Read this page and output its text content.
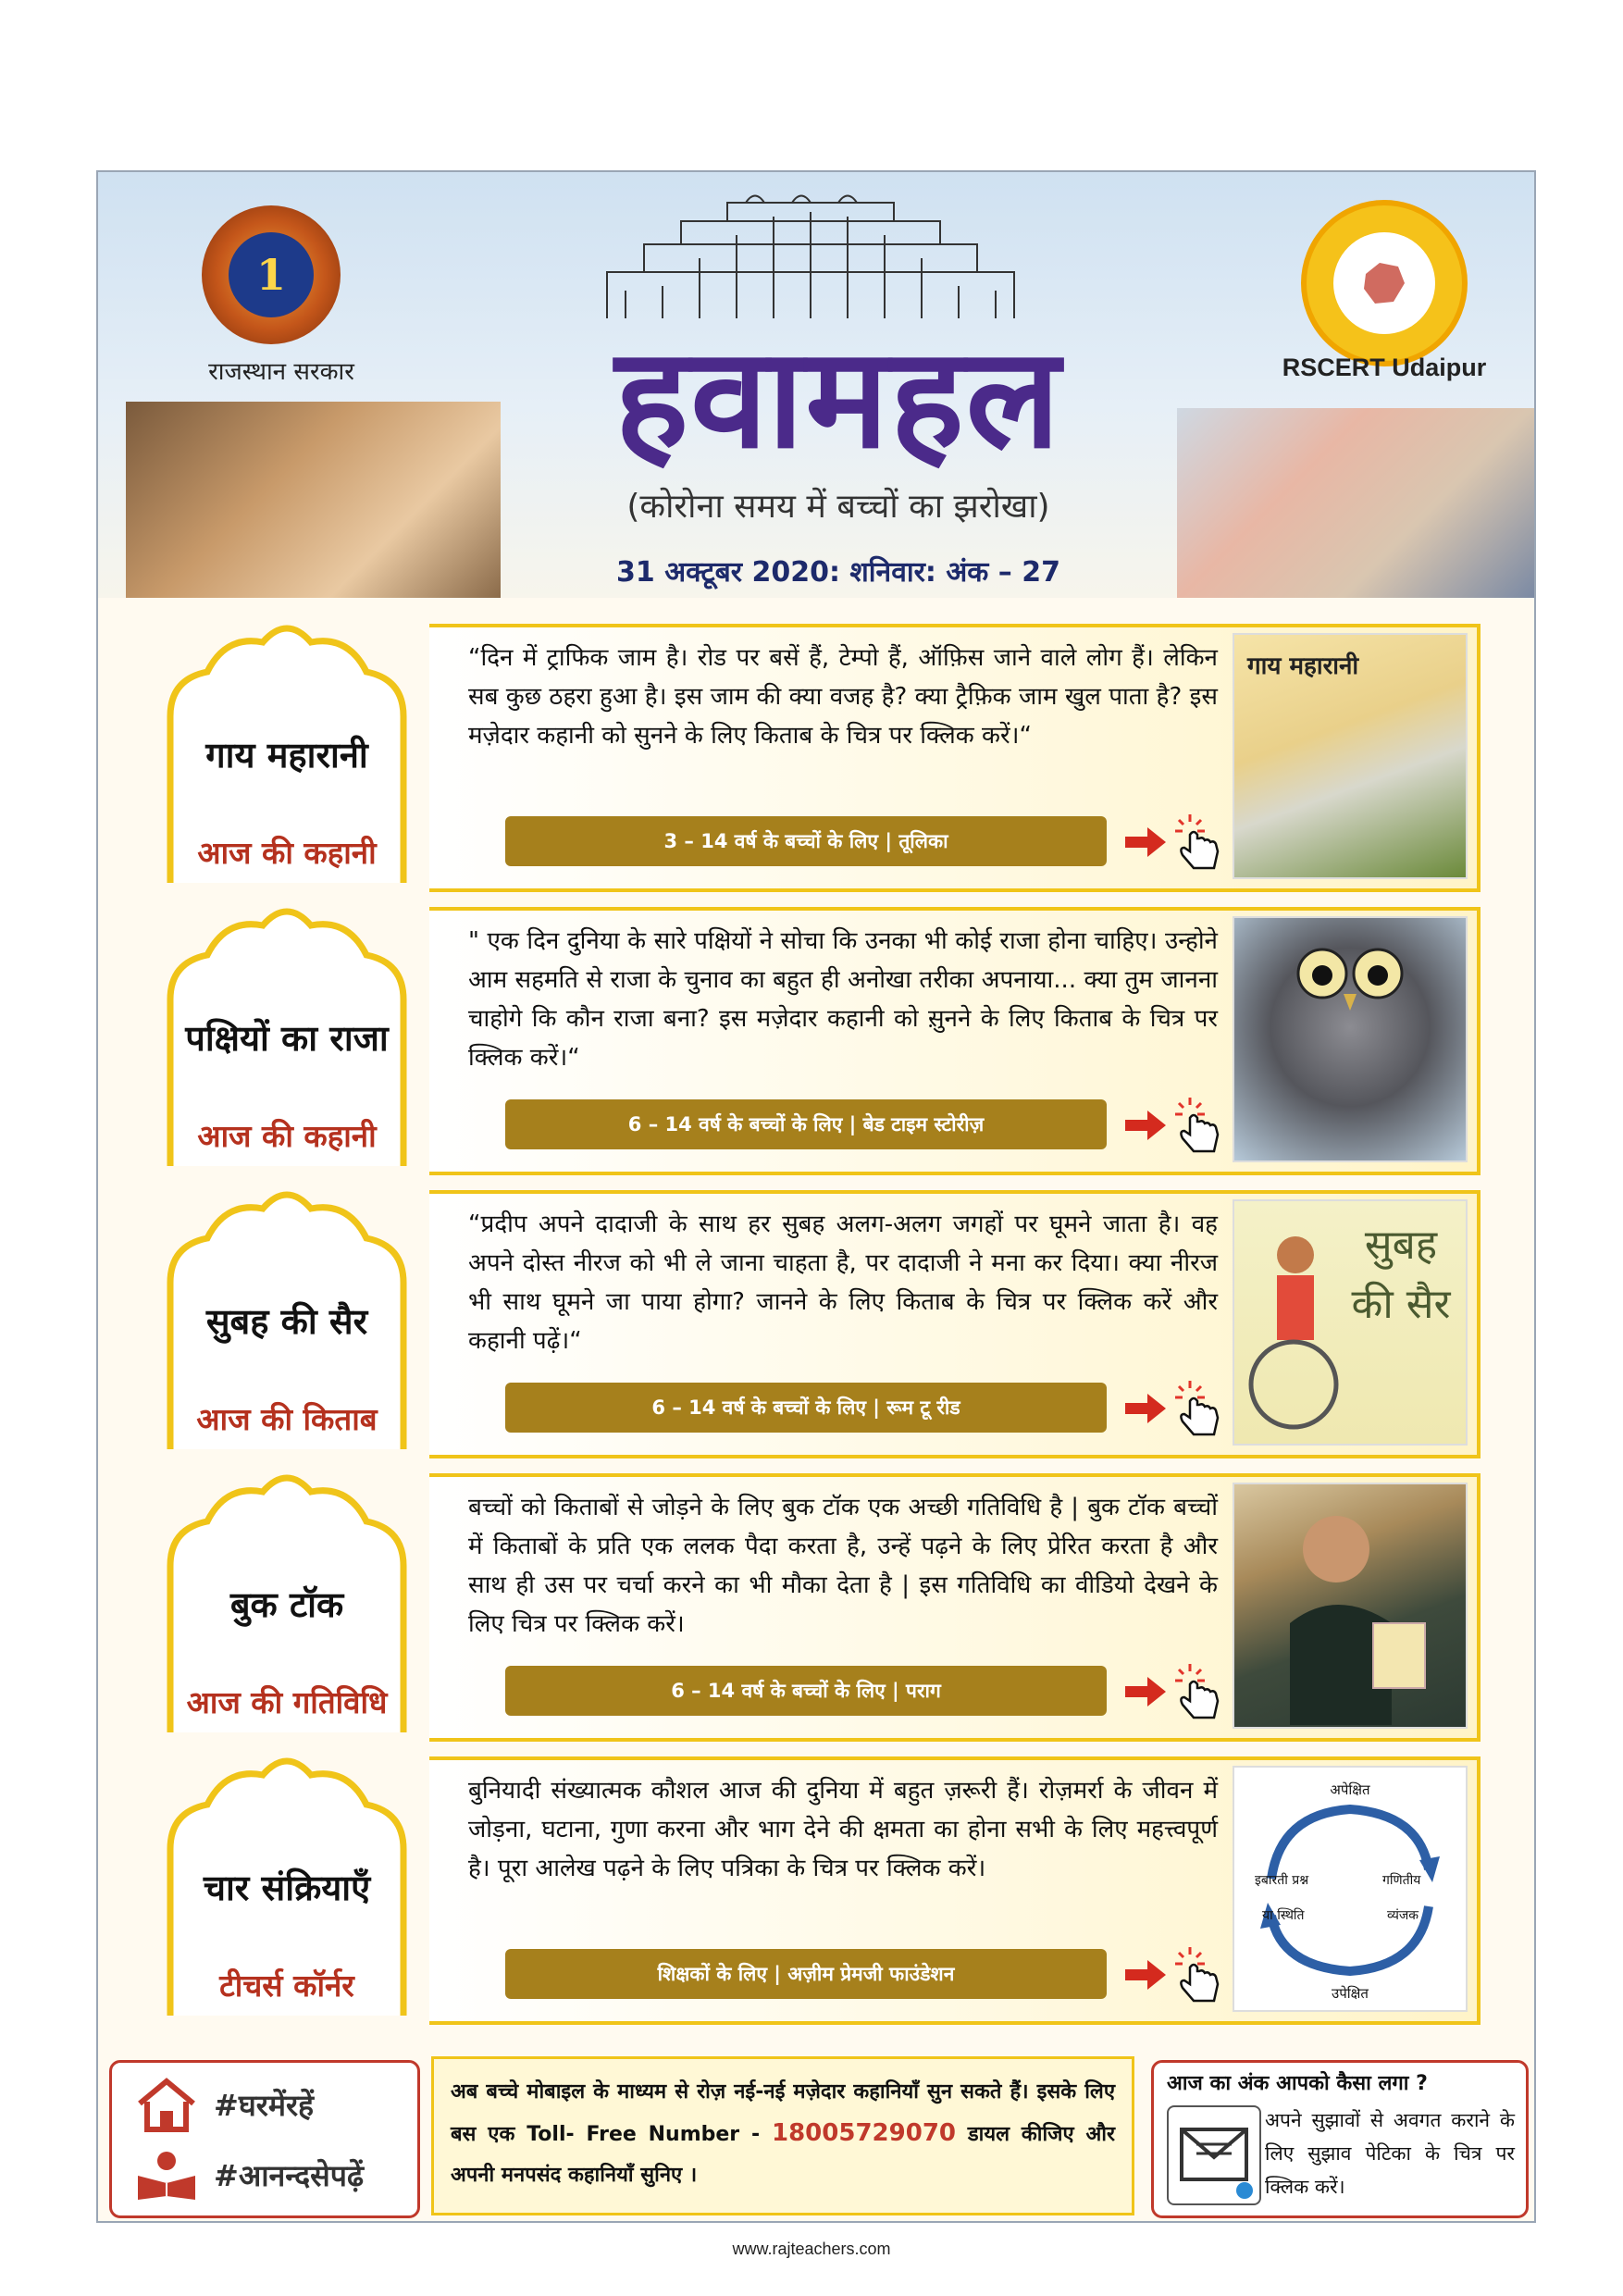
1
राजस्थान सरकार	हवामहल
(कोरोना समय में बच्चों का झरोखा)
31 अक्टूबर 2020: शनिवार: अंक – 27
RSCERT Udaipur
गाय महारानी
आज की कहानी
“दिन में ट्राफिक जाम है। रोड पर बसें हैं, टेम्पो हैं, ऑफ़िस जाने वाले लोग हैं। लेकिन सब कुछ ठहरा हुआ है। इस जाम की क्या वजह है? क्या ट्रैफ़िक जाम खुल पाता है? इस मज़ेदार कहानी को सुनने के लिए किताब के चित्र पर क्लिक करें।“
3 – 14 वर्ष के बच्चों के लिए | तूलिका
गाय महारानी
पक्षियों का राजा
आज की कहानी
" एक दिन दुनिया के सारे पक्षियों ने सोचा कि उनका भी कोई राजा होना चाहिए। उन्होने आम सहमति से राजा के चुनाव का बहुत ही अनोखा तरीका अपनाया... क्या तुम जानना चाहोगे कि कौन राजा बना? इस मज़ेदार कहानी को स़ुनने के लिए किताब के चित्र पर क्लिक करें।“
6 – 14 वर्ष के बच्चों के लिए | बेड टाइम स्टोरीज़
सुबह की सैर
आज की किताब
“प्रदीप अपने दादाजी के साथ हर सुबह अलग-अलग जगहों पर घूमने जाता है। वह अपने दोस्त नीरज को भी ले जाना चाहता है, पर दादाजी ने मना कर दिया। क्या नीरज भी साथ घूमने जा पाया होगा? जानने के लिए किताब के चित्र पर क्लिक करें और कहानी पढ़ें।“
6 – 14 वर्ष के बच्चों के लिए | रूम टू रीड
सुबह की सैर
बुक टॉक
आज की गतिविधि
बच्चों को किताबों से जोड़ने के लिए बुक टॉक एक अच्छी गतिविधि है | बुक टॉक बच्चों में किताबों के प्रति एक ललक पैदा करता है, उन्हें पढ़ने के लिए प्रेरित करता है और साथ ही उस पर चर्चा करने का भी मौका देता है | इस गतिविधि का वीडियो देखने के लिए चित्र पर क्लिक करें।
6 – 14 वर्ष के बच्चों के लिए | पराग
चार संक्रियाएँ
टीचर्स कॉर्नर
बुनियादी संख्यात्मक कौशल आज की दुनिया में बहुत ज़रूरी हैं। रोज़मर्रा के जीवन में जोड़ना, घटाना, गुणा करना और भाग देने की क्षमता का होना सभी के लिए महत्त्वपूर्ण है। पूरा आलेख पढ़ने के लिए पत्रिका के चित्र पर क्लिक करें।
शिक्षकों के लिए | अज़ीम प्रेमजी फाउंडेशन
अपेक्षित
इबारती प्रश्न
या स्थिति
गणितीय
व्यंजक
उपेक्षित
#घरमेंरहें
#आनन्दसेपढ़ें

अब बच्चे मोबाइल के माध्यम से रोज़ नई-नई मज़ेदार कहानियाँ सुन सकते हैं। इसके लिए बस एक Toll- Free Number - 18005729070 डायल कीजिए और अपनी मनपसंद कहानियाँ सुनिए ।

आज का अंक आपको कैसा लगा ?
अपने सुझावों से अवगत कराने के लिए सुझाव पेटिका के चित्र पर क्लिक करें।
www.rajteachers.com
